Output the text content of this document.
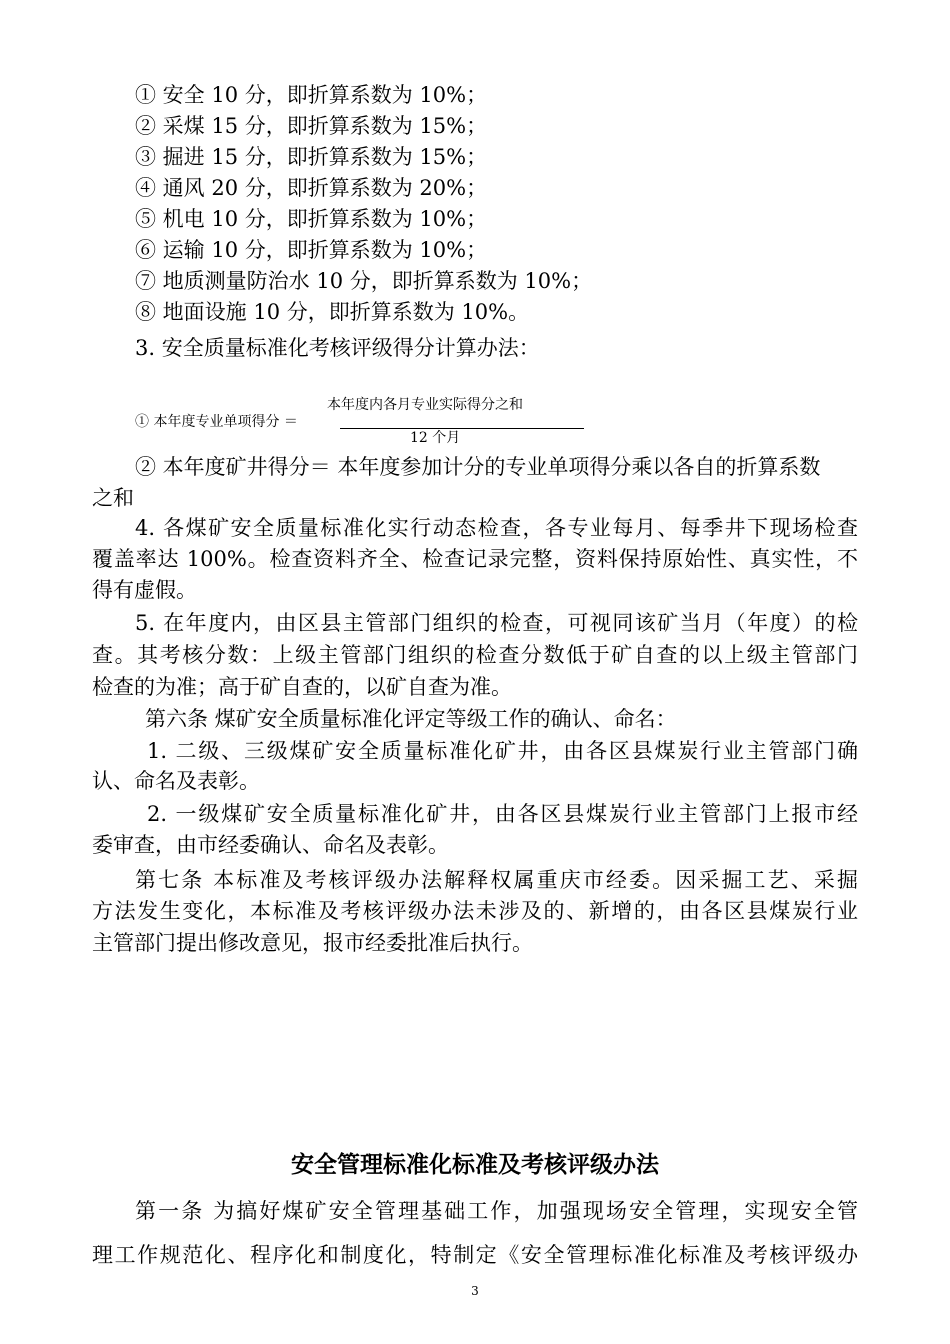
① 安全 10 分，即折算系数为 10%；
② 采煤 15 分，即折算系数为 15%；
③ 掘进 15 分，即折算系数为 15%；
④ 通风 20 分，即折算系数为 20%；
⑤ 机电 10 分，即折算系数为 10%；
⑥ 运输 10 分，即折算系数为 10%；
⑦ 地质测量防治水 10 分，即折算系数为 10%；
⑧ 地面设施 10 分，即折算系数为 10%。
3. 安全质量标准化考核评级得分计算办法：
本年度内各月专业实际得分之和
① 本年度专业单项得分 ＝
12 个月
② 本年度矿井得分＝ 本年度参加计分的专业单项得分乘以各自的折算系数
之和
4. 各煤矿安全质量标准化实行动态检查，各专业每月、每季井下现场检查
覆盖率达 100%。检查资料齐全、检查记录完整，资料保持原始性、真实性，不
得有虚假。
5. 在年度内，由区县主管部门组织的检查，可视同该矿当月（年度）的检
查。其考核分数：上级主管部门组织的检查分数低于矿自查的以上级主管部门
检查的为准；高于矿自查的，以矿自查为准。
第六条 煤矿安全质量标准化评定等级工作的确认、命名：
1. 二级、三级煤矿安全质量标准化矿井，由各区县煤炭行业主管部门确
认、命名及表彰。
2. 一级煤矿安全质量标准化矿井，由各区县煤炭行业主管部门上报市经
委审查，由市经委确认、命名及表彰。
第七条 本标准及考核评级办法解释权属重庆市经委。因采掘工艺、采掘
方法发生变化，本标准及考核评级办法未涉及的、新增的，由各区县煤炭行业
主管部门提出修改意见，报市经委批准后执行。
安全管理标准化标准及考核评级办法
第一条 为搞好煤矿安全管理基础工作，加强现场安全管理，实现安全管
理工作规范化、程序化和制度化，特制定《安全管理标准化标准及考核评级办
3
